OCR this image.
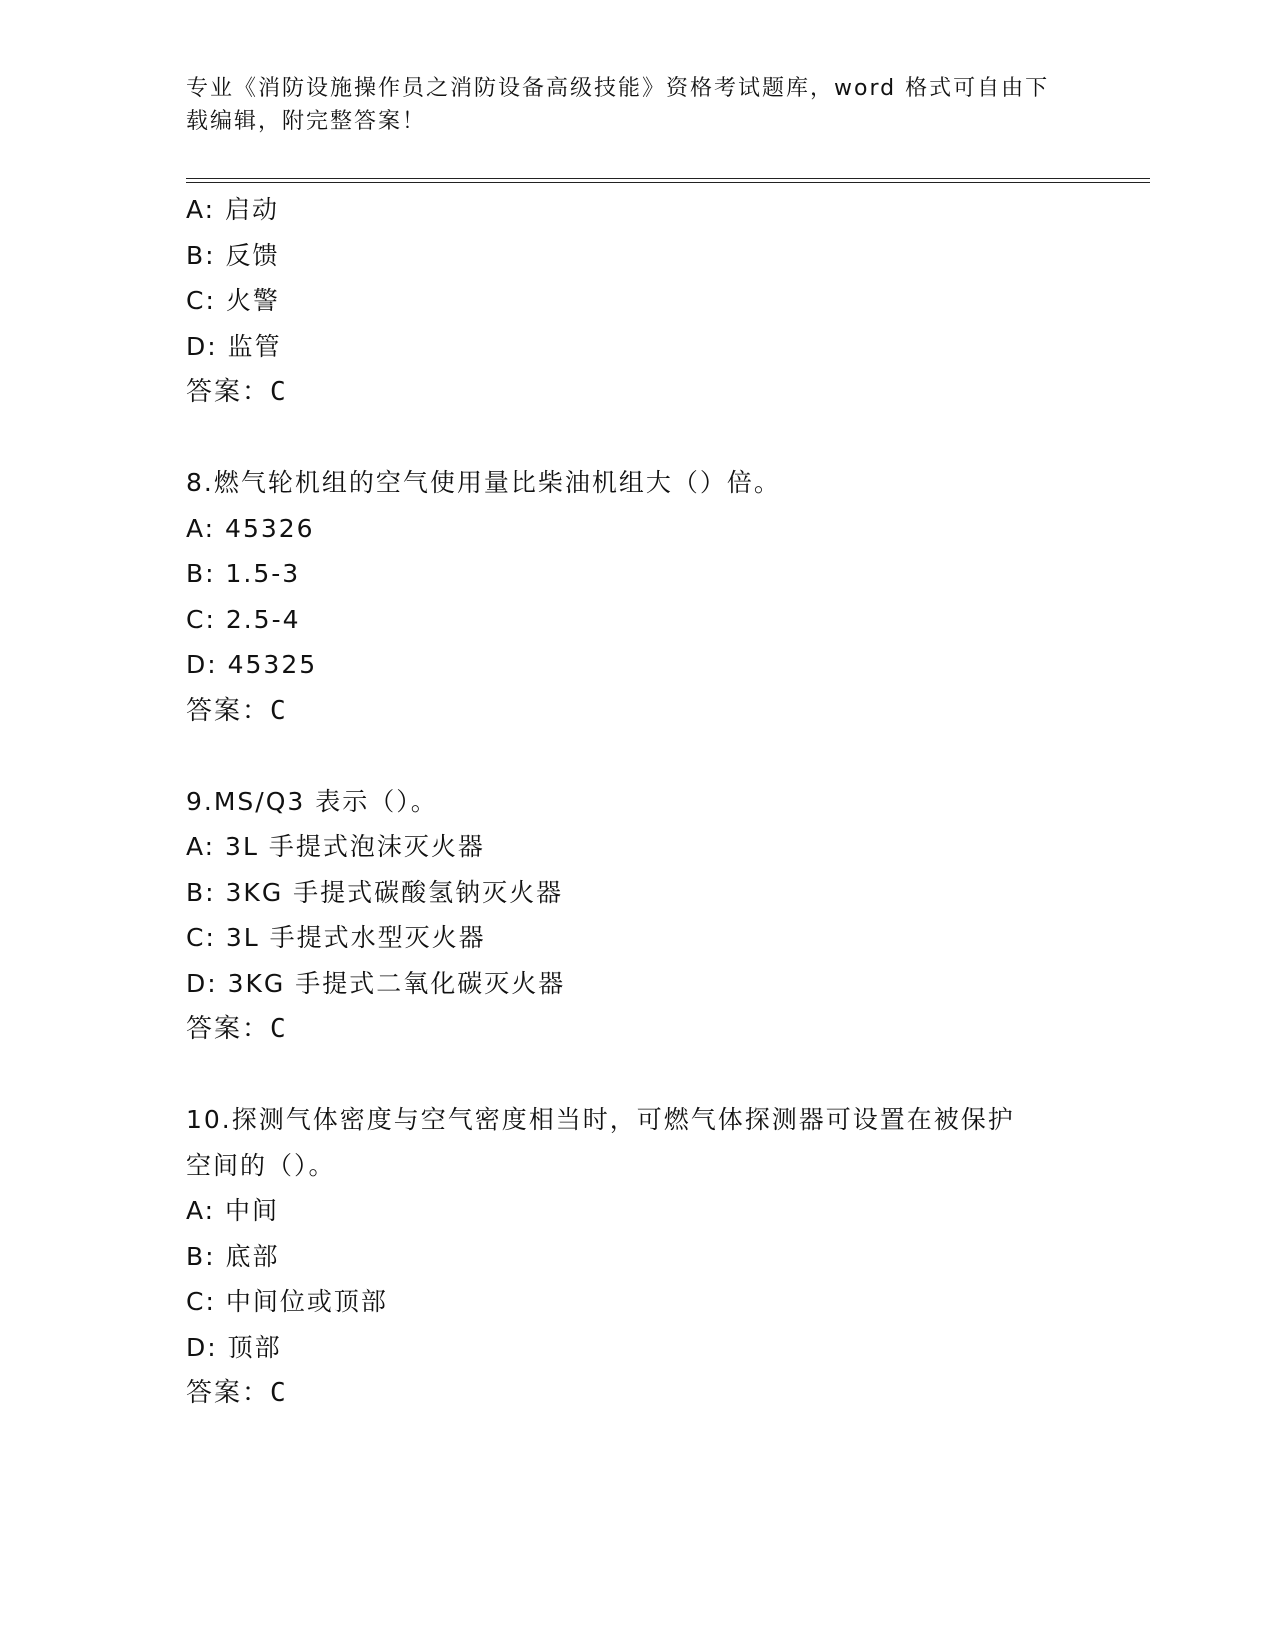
专业《消防设施操作员之消防设备高级技能》资格考试题库，word 格式可自由下
载编辑，附完整答案！
A: 启动
B: 反馈
C: 火警
D: 监管
答案：C
8.燃气轮机组的空气使用量比柴油机组大（）倍。
A: 45326
B: 1.5-3
C: 2.5-4
D: 45325
答案：C
9.MS/Q3 表示（）。
A: 3L 手提式泡沫灭火器
B: 3KG 手提式碳酸氢钠灭火器
C: 3L 手提式水型灭火器
D: 3KG 手提式二氧化碳灭火器
答案：C
10.探测气体密度与空气密度相当时，可燃气体探测器可设置在被保护
空间的（）。
A: 中间
B: 底部
C: 中间位或顶部
D: 顶部
答案：C
